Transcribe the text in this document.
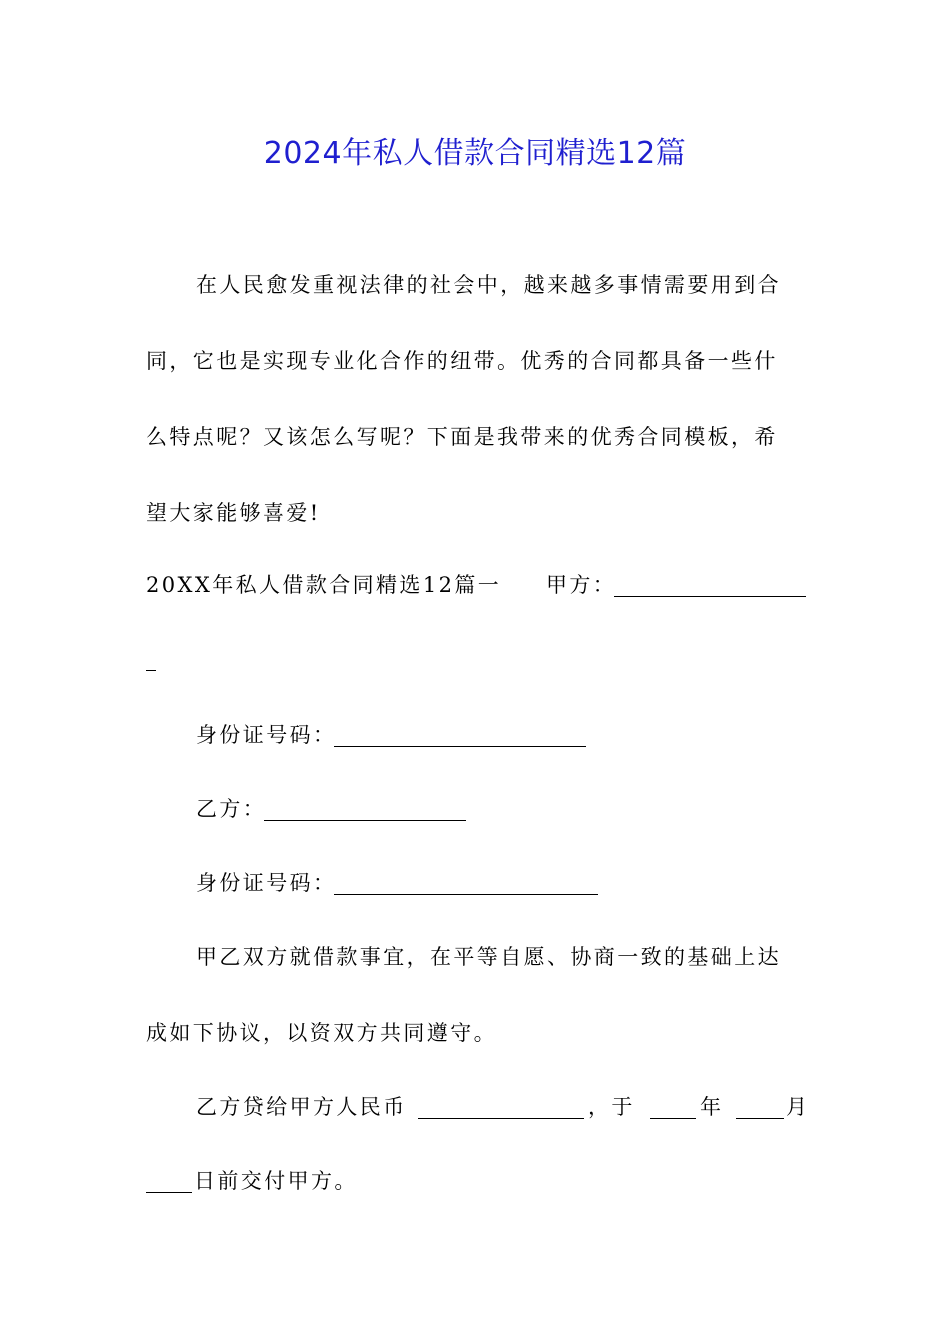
2024年私人借款合同精选12篇
在人民愈发重视法律的社会中，越来越多事情需要用到合
同，它也是实现专业化合作的纽带。优秀的合同都具备一些什
么特点呢？又该怎么写呢？下面是我带来的优秀合同模板，希
望大家能够喜爱!
20XX年私人借款合同精选12篇一 甲方：
身份证号码：
乙方：
身份证号码：
甲乙双方就借款事宜，在平等自愿、协商一致的基础上达
成如下协议，以资双方共同遵守。
乙方贷给甲方人民币	，于	年	月
日前交付甲方。
